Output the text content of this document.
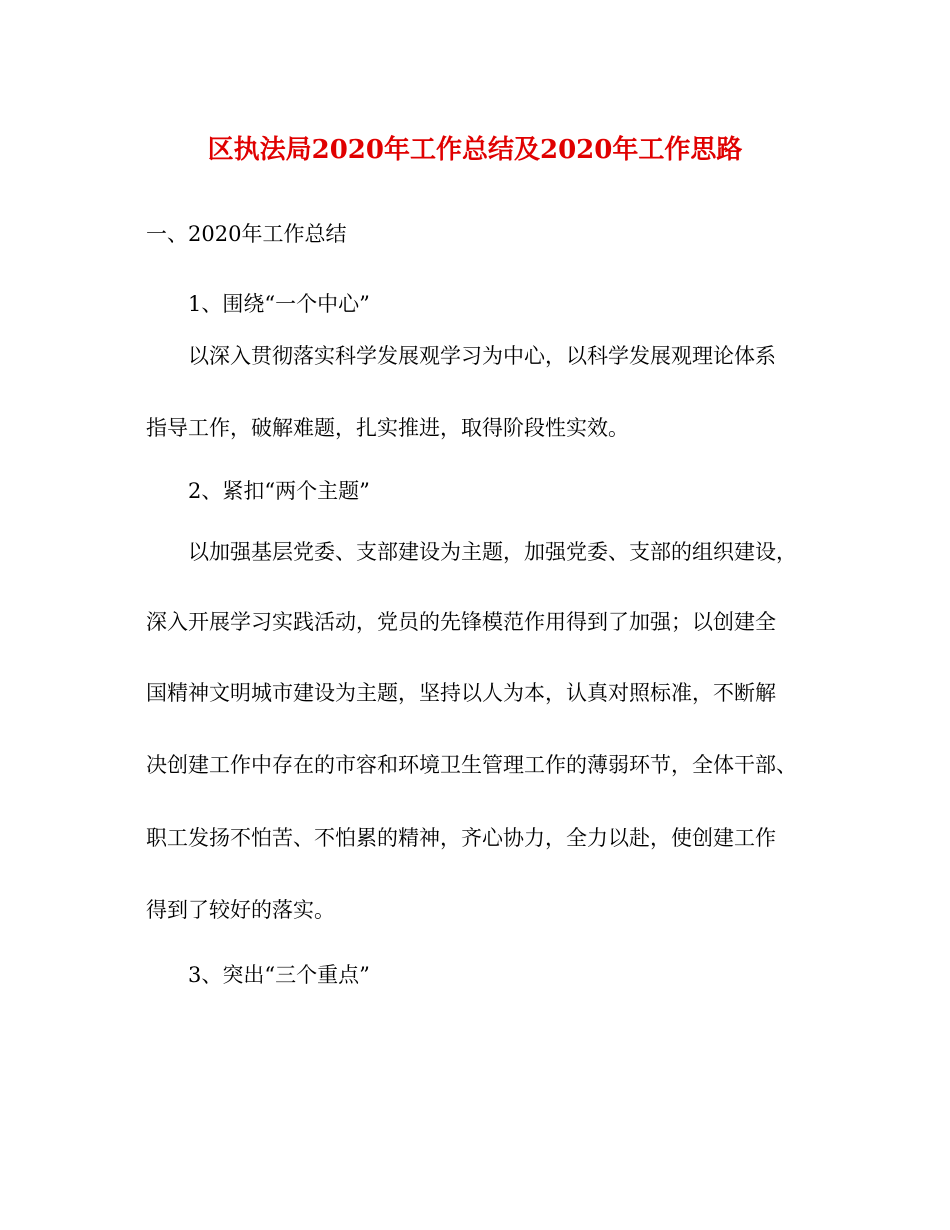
区执法局2020年工作总结及2020年工作思路
一、2020年工作总结
1、围绕“一个中心”
以深入贯彻落实科学发展观学习为中心，以科学发展观理论体系
指导工作，破解难题，扎实推进，取得阶段性实效。
2、紧扣“两个主题”
以加强基层党委、支部建设为主题，加强党委、支部的组织建设，
深入开展学习实践活动，党员的先锋模范作用得到了加强；以创建全
国精神文明城市建设为主题，坚持以人为本，认真对照标准，不断解
决创建工作中存在的市容和环境卫生管理工作的薄弱环节，全体干部、
职工发扬不怕苦、不怕累的精神，齐心协力，全力以赴，使创建工作
得到了较好的落实。
3、突出“三个重点”
